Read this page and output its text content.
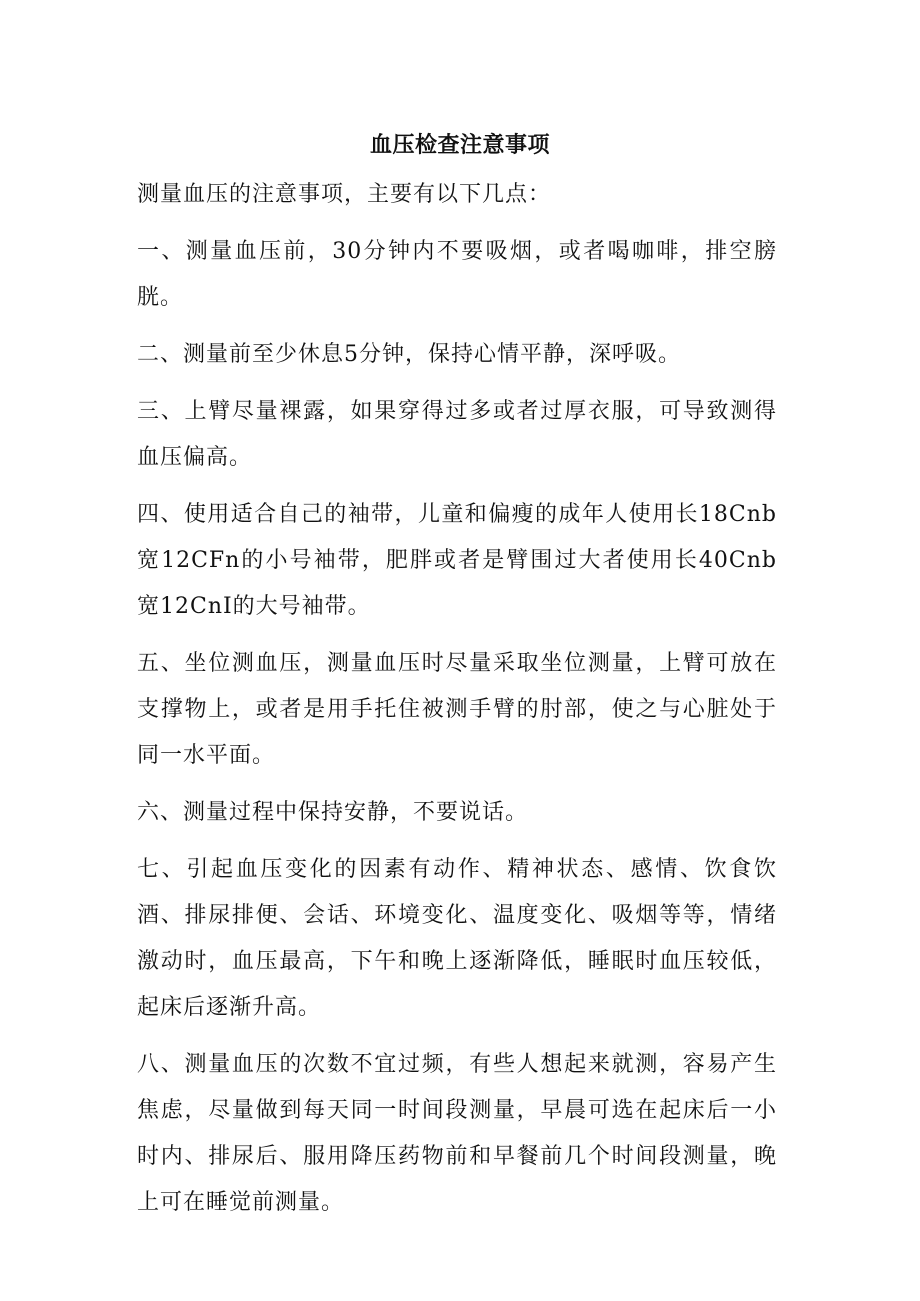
血压检查注意事项

测量血压的注意事项，主要有以下几点：

一、测量血压前，30分钟内不要吸烟，或者喝咖啡，排空膀胱。

二、测量前至少休息5分钟，保持心情平静，深呼吸。

三、上臂尽量裸露，如果穿得过多或者过厚衣服，可导致测得血压偏高。

四、使用适合自己的袖带，儿童和偏瘦的成年人使用长18Cnb宽12CFn的小号袖带，肥胖或者是臂围过大者使用长40Cnb宽12CnI的大号袖带。

五、坐位测血压，测量血压时尽量采取坐位测量，上臂可放在支撑物上，或者是用手托住被测手臂的肘部，使之与心脏处于同一水平面。

六、测量过程中保持安静，不要说话。

七、引起血压变化的因素有动作、精神状态、感情、饮食饮酒、排尿排便、会话、环境变化、温度变化、吸烟等等，情绪激动时，血压最高，下午和晚上逐渐降低，睡眠时血压较低，起床后逐渐升高。

八、测量血压的次数不宜过频，有些人想起来就测，容易产生焦虑，尽量做到每天同一时间段测量，早晨可选在起床后一小时内、排尿后、服用降压药物前和早餐前几个时间段测量，晚上可在睡觉前测量。
